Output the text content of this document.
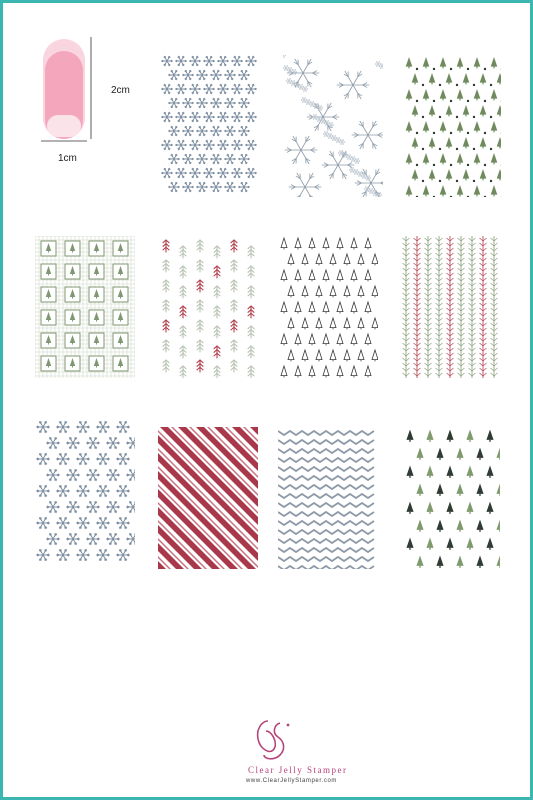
2cm
1cm
Clear Jelly Stamper
www.ClearJellyStamper.com
